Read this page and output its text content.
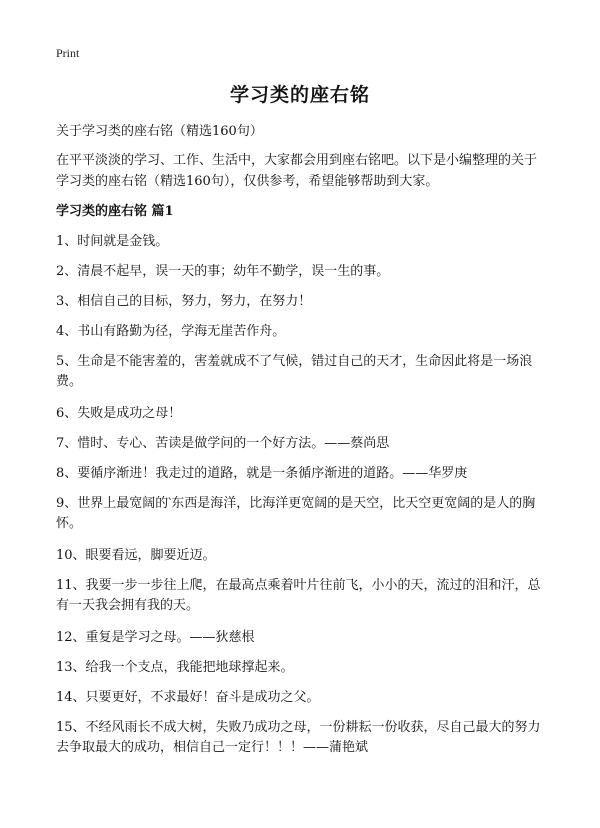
Print
学习类的座右铭
关于学习类的座右铭（精选160句）
在平平淡淡的学习、工作、生活中，大家都会用到座右铭吧。以下是小编整理的关于学习类的座右铭（精选160句），仅供参考，希望能够帮助到大家。
学习类的座右铭 篇1
1、时间就是金钱。
2、清晨不起早，误一天的事；幼年不勤学，误一生的事。
3、相信自己的目标，努力，努力，在努力！
4、书山有路勤为径，学海无崖苦作舟。
5、生命是不能害羞的，害羞就成不了气候，错过自己的天才，生命因此将是一场浪费。
6、失败是成功之母！
7、惜时、专心、苦读是做学问的一个好方法。——蔡尚思
8、要循序渐进！我走过的道路，就是一条循序渐进的道路。——华罗庚
9、世界上最宽阔的‵东西是海洋，比海洋更宽阔的是天空，比天空更宽阔的是人的胸怀。
10、眼要看远，脚要近迈。
11、我要一步一步往上爬，在最高点乘着叶片往前飞，小小的天，流过的泪和汗，总有一天我会拥有我的天。
12、重复是学习之母。——狄慈根
13、给我一个支点，我能把地球撑起来。
14、只要更好，不求最好！奋斗是成功之父。
15、不经风雨长不成大树，失败乃成功之母，一份耕耘一份收获，尽自己最大的努力去争取最大的成功，相信自己一定行！！！——蒲艳斌
